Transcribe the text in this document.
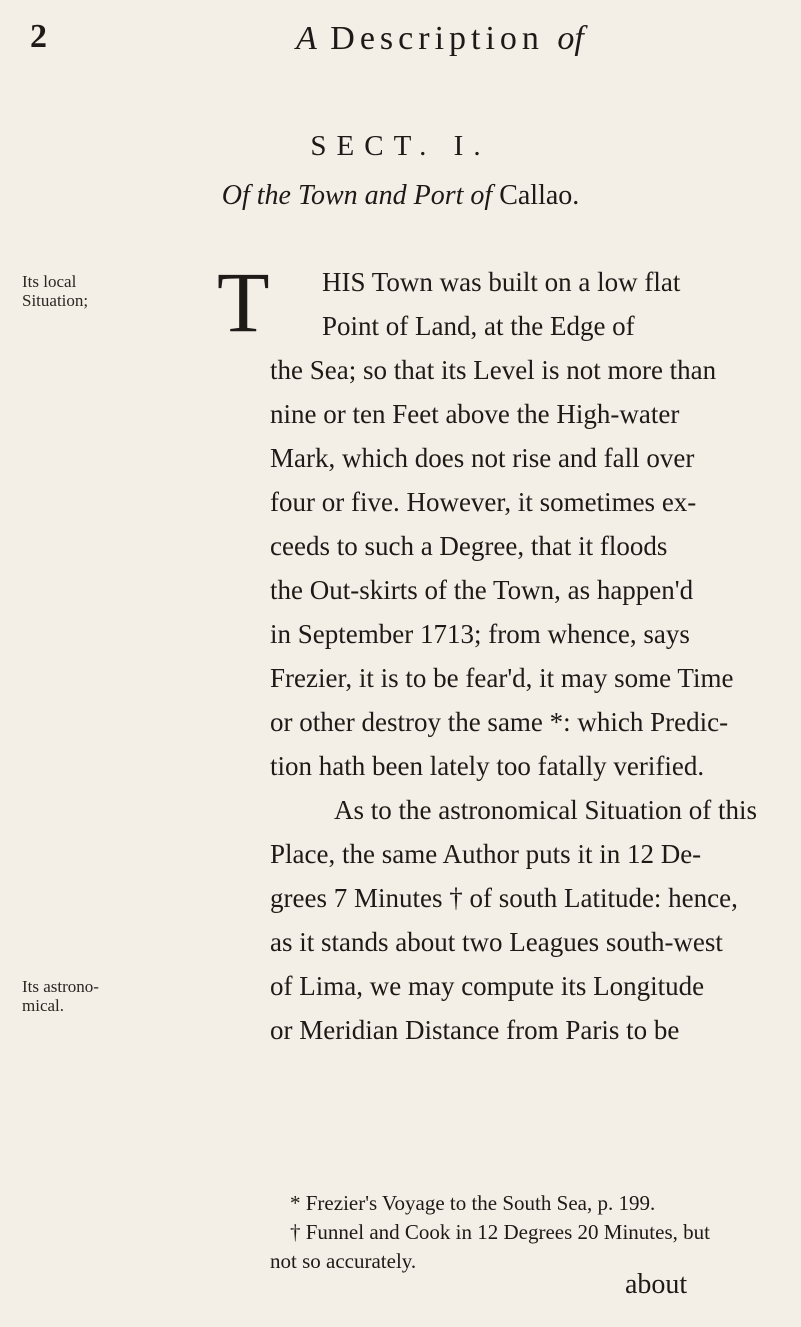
2	A Description of
SECT. I.
Of the Town and Port of Callao.
Its local Situation;
Its astrono-mical.
T	HIS Town was built on a low flat
Point of Land, at the Edge of
the Sea; so that its Level is not more than
nine or ten Feet above the High-water
Mark, which does not rise and fall over
four or five. However, it sometimes ex-
ceeds to such a Degree, that it floods
the Out-skirts of the Town, as happen'd
in September 1713; from whence, says
Frezier, it is to be fear'd, it may some Time
or other destroy the same *: which Predic-
tion hath been lately too fatally verified.
As to the astronomical Situation of this
Place, the same Author puts it in 12 De-
grees 7 Minutes † of south Latitude: hence,
as it stands about two Leagues south-west
of Lima, we may compute its Longitude
or Meridian Distance from Paris to be
* Frezier's Voyage to the South Sea, p. 199.
† Funnel and Cook in 12 Degrees 20 Minutes, but
not so accurately.
about
